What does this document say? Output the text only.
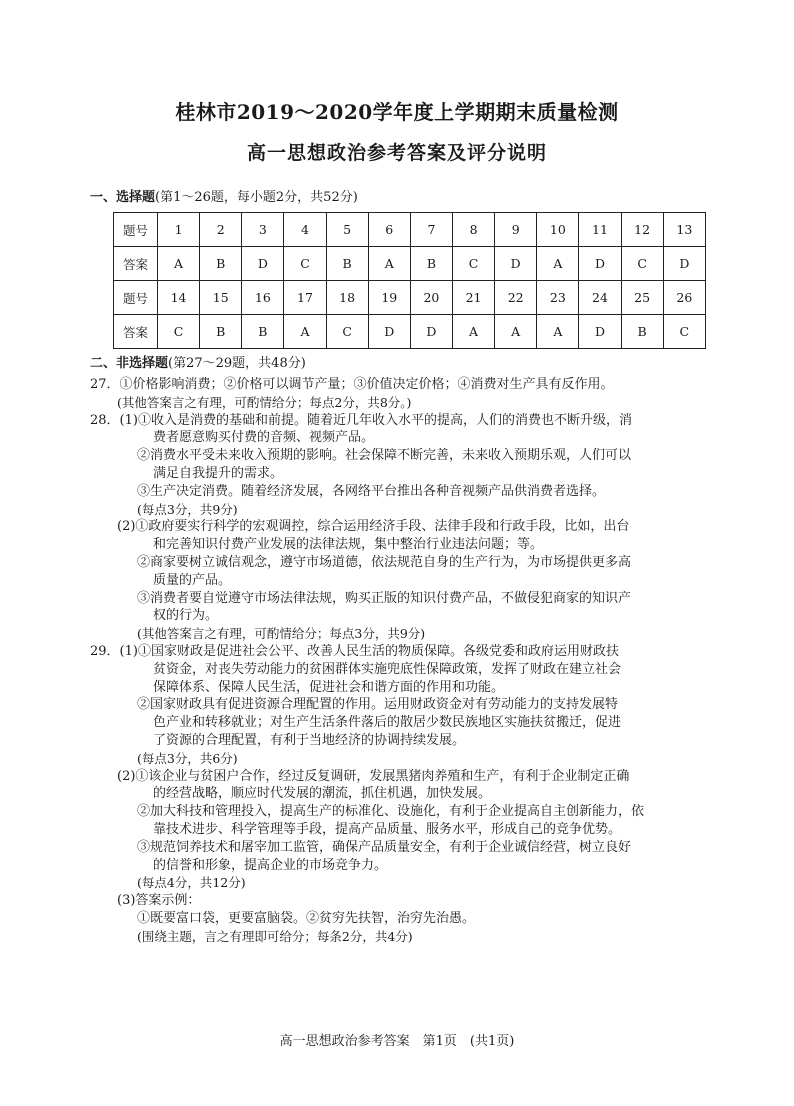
桂林市2019～2020学年度上学期期末质量检测
高一思想政治参考答案及评分说明
一、选择题(第1～26题，每小题2分，共52分)
题号	1	2	3	4	5	6	7	8	9	10	11	12	13
答案	A	B	D	C	B	A	B	C	D	A	D	C	D
题号	14	15	16	17	18	19	20	21	22	23	24	25	26
答案	C	B	B	A	C	D	D	A	A	A	D	B	C
二、非选择题(第27～29题，共48分)
27．①价格影响消费；②价格可以调节产量；③价值决定价格；④消费对生产具有反作用。
(其他答案言之有理，可酌情给分；每点2分，共8分。)
28．(1)①收入是消费的基础和前提。随着近几年收入水平的提高，人们的消费也不断升级，消
费者愿意购买付费的音频、视频产品。
②消费水平受未来收入预期的影响。社会保障不断完善，未来收入预期乐观，人们可以
满足自我提升的需求。
③生产决定消费。随着经济发展，各网络平台推出各种音视频产品供消费者选择。
(每点3分，共9分)
(2)①政府要实行科学的宏观调控，综合运用经济手段、法律手段和行政手段，比如，出台
和完善知识付费产业发展的法律法规，集中整治行业违法问题；等。
②商家要树立诚信观念，遵守市场道德，依法规范自身的生产行为，为市场提供更多高
质量的产品。
③消费者要自觉遵守市场法律法规，购买正版的知识付费产品，不做侵犯商家的知识产
权的行为。
(其他答案言之有理，可酌情给分；每点3分，共9分)
29．(1)①国家财政是促进社会公平、改善人民生活的物质保障。各级党委和政府运用财政扶
贫资金，对丧失劳动能力的贫困群体实施兜底性保障政策，发挥了财政在建立社会
保障体系、保障人民生活，促进社会和谐方面的作用和功能。
②国家财政具有促进资源合理配置的作用。运用财政资金对有劳动能力的支持发展特
色产业和转移就业；对生产生活条件落后的散居少数民族地区实施扶贫搬迁，促进
了资源的合理配置，有利于当地经济的协调持续发展。
(每点3分，共6分)
(2)①该企业与贫困户合作，经过反复调研，发展黑猪肉养殖和生产，有利于企业制定正确
的经营战略，顺应时代发展的潮流，抓住机遇，加快发展。
②加大科技和管理投入，提高生产的标准化、设施化，有利于企业提高自主创新能力，依
靠技术进步、科学管理等手段，提高产品质量、服务水平，形成自己的竞争优势。
③规范饲养技术和屠宰加工监管，确保产品质量安全，有利于企业诚信经营，树立良好
的信誉和形象，提高企业的市场竞争力。
(每点4分，共12分)
(3)答案示例：
①既要富口袋，更要富脑袋。②贫穷先扶智，治穷先治愚。
(围绕主题，言之有理即可给分；每条2分，共4分)
高一思想政治参考答案　第1页　(共1页)
